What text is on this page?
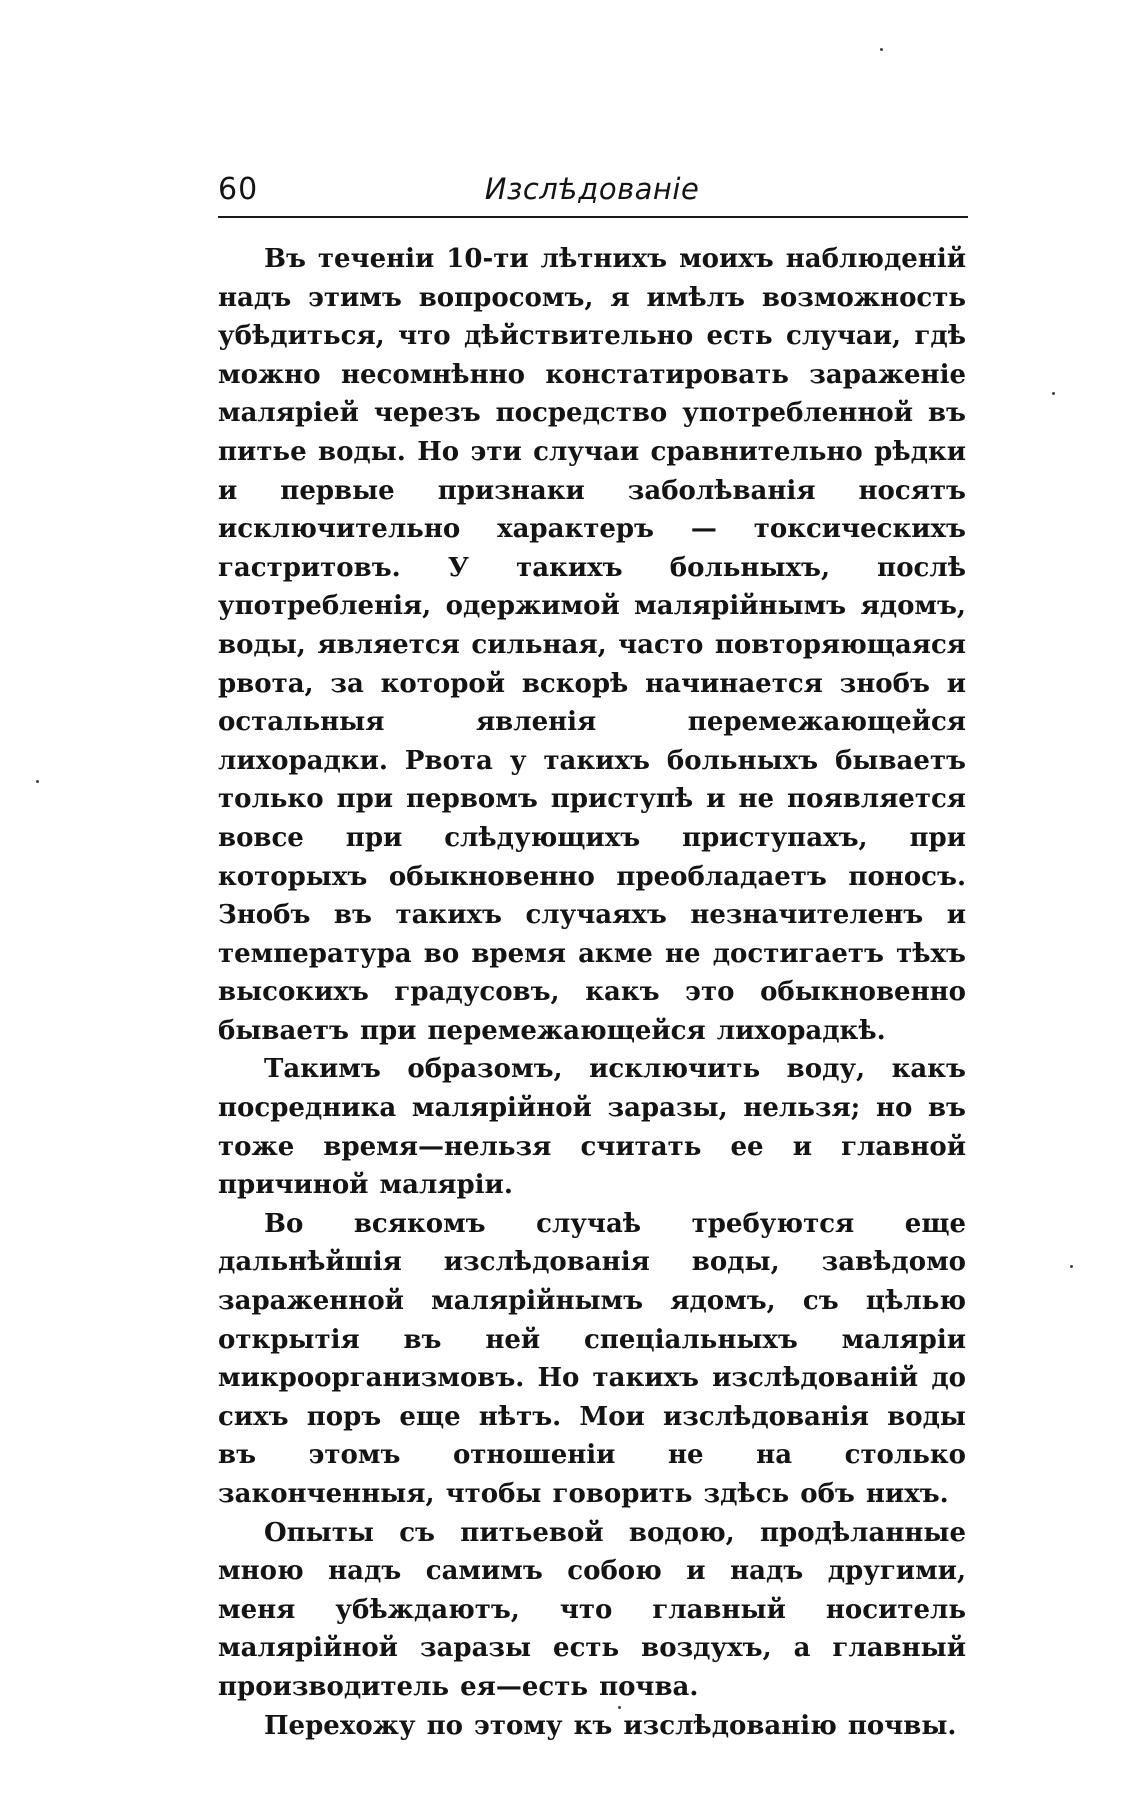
60	Изслѣдованіе

Въ теченіи 10-ти лѣтнихъ моихъ наблюденій надъ этимъ вопросомъ, я имѣлъ возможность убѣдиться, что дѣйствительно есть случаи, гдѣ можно несомнѣнно констатировать зараженіе малярiей черезъ посредство употребленной въ питье воды. Но эти случаи сравнительно рѣдки и первые признаки заболѣванія носятъ исключительно характеръ — токсическихъ гастритовъ. У такихъ больныхъ, послѣ употребленія, одержимой малярійнымъ ядомъ, воды, является сильная, часто повторяющаяся рвота, за которой вскорѣ начинается знобъ и остальныя явленія перемежающейся лихорадки. Рвота у такихъ больныхъ бываетъ только при первомъ приступѣ и не появляется вовсе при слѣдующихъ приступахъ, при которыхъ обыкновенно преобладаетъ поносъ. Знобъ въ такихъ случаяхъ незначителенъ и температура во время акме не достигаетъ тѣхъ высокихъ градусовъ, какъ это обыкновенно бываетъ при перемежающейся лихорадкѣ.

Такимъ образомъ, исключить воду, какъ посредника малярiйной заразы, нельзя; но въ тоже время—нельзя считать ее и главной причиной маляріи.

Во всякомъ случаѣ требуются еще дальнѣйшія изслѣдованія воды, завѣдомо зараженной малярійнымъ ядомъ, съ цѣлью открытія въ ней спеціальныхъ маляріи микроорганизмовъ. Но такихъ изслѣдованій до сихъ поръ еще нѣтъ. Мои изслѣдованія воды въ этомъ отношеніи не на столько законченныя, чтобы говорить здѣсь объ нихъ.

Опыты съ питьевой водою, продѣланные мною надъ самимъ собою и надъ другими, меня убѣждаютъ, что главный носитель малярійной заразы есть воздухъ, а главный производитель ея—есть почва.

Перехожу по этому къ изслѣдованію почвы.
